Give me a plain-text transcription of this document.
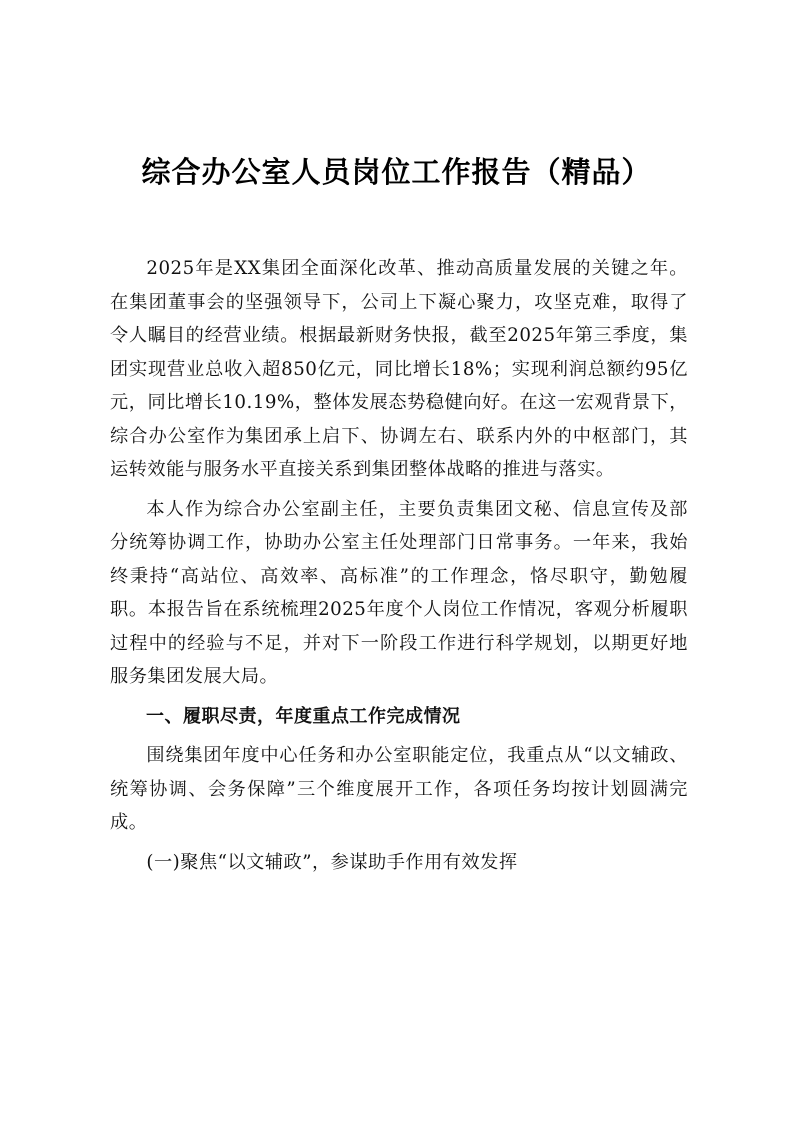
综合办公室人员岗位工作报告（精品）

2025年是XX集团全面深化改革、推动高质量发展的关键之年。在集团董事会的坚强领导下，公司上下凝心聚力，攻坚克难，取得了令人瞩目的经营业绩。根据最新财务快报，截至2025年第三季度，集团实现营业总收入超850亿元，同比增长18%；实现利润总额约95亿元，同比增长10.19%，整体发展态势稳健向好。在这一宏观背景下，综合办公室作为集团承上启下、协调左右、联系内外的中枢部门，其运转效能与服务水平直接关系到集团整体战略的推进与落实。

本人作为综合办公室副主任，主要负责集团文秘、信息宣传及部分统筹协调工作，协助办公室主任处理部门日常事务。一年来，我始终秉持“高站位、高效率、高标准”的工作理念，恪尽职守，勤勉履职。本报告旨在系统梳理2025年度个人岗位工作情况，客观分析履职过程中的经验与不足，并对下一阶段工作进行科学规划，以期更好地服务集团发展大局。

一、履职尽责，年度重点工作完成情况

围绕集团年度中心任务和办公室职能定位，我重点从“以文辅政、统筹协调、会务保障”三个维度展开工作，各项任务均按计划圆满完成。

(一)聚焦“以文辅政”，参谋助手作用有效发挥
